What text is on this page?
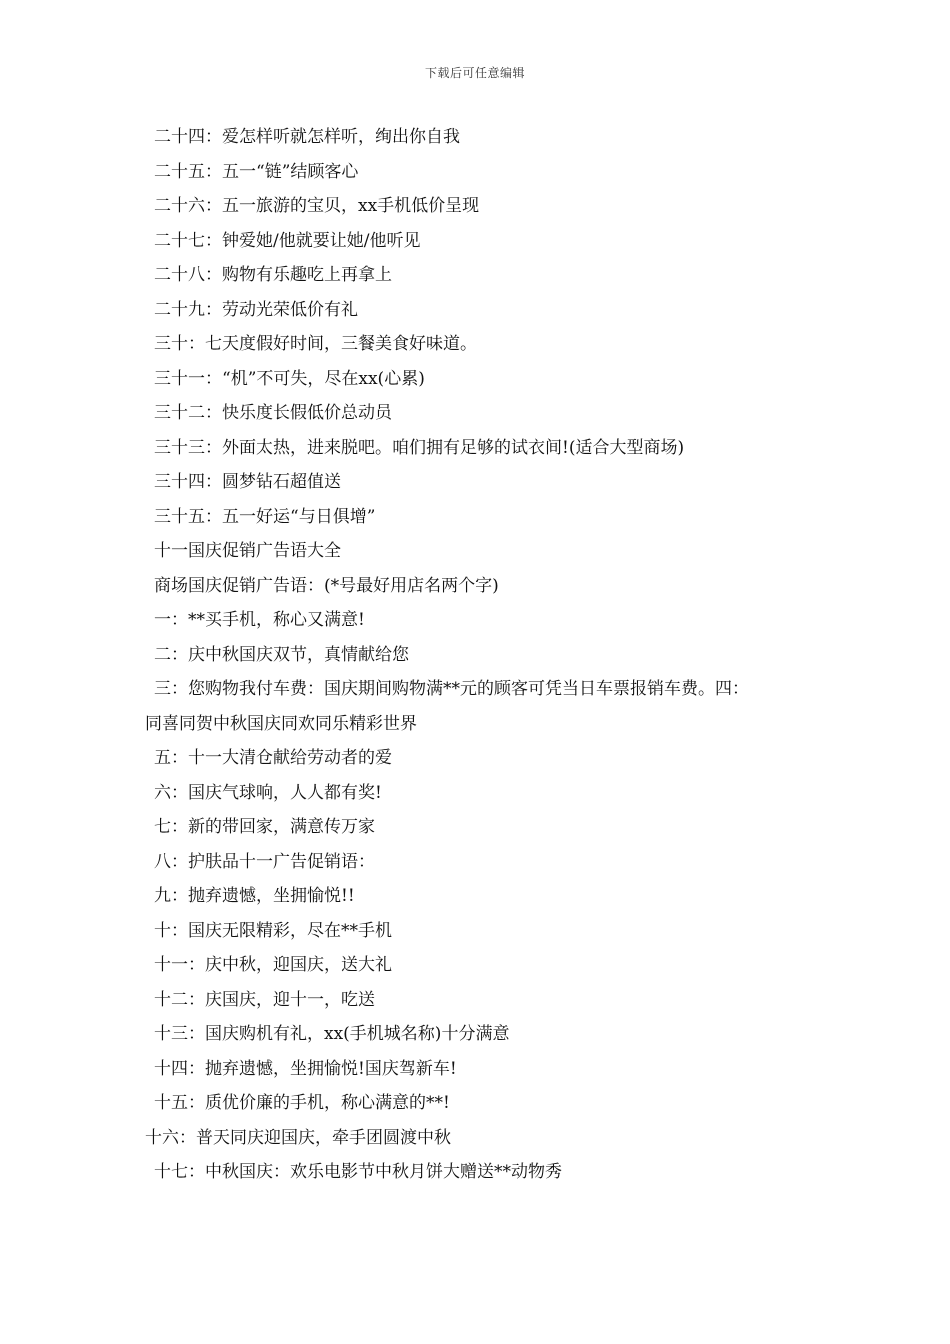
下载后可任意编辑
二十四：爱怎样听就怎样听，绚出你自我
二十五：五一“链”结顾客心
二十六：五一旅游的宝贝，xx手机低价呈现
二十七：钟爱她/他就要让她/他听见
二十八：购物有乐趣吃上再拿上
二十九：劳动光荣低价有礼
三十：七天度假好时间，三餐美食好味道。
三十一：“机”不可失，尽在xx(心累)
三十二：快乐度长假低价总动员
三十三：外面太热，进来脱吧。咱们拥有足够的试衣间!(适合大型商场)
三十四：圆梦钻石超值送
三十五：五一好运“与日俱增”
十一国庆促销广告语大全
商场国庆促销广告语：(*号最好用店名两个字)
一：**买手机，称心又满意!
二：庆中秋国庆双节，真情献给您
三：您购物我付车费：国庆期间购物满**元的顾客可凭当日车票报销车费。四：
同喜同贺中秋国庆同欢同乐精彩世界
五：十一大清仓献给劳动者的爱
六：国庆气球响，人人都有奖!
七：新的带回家，满意传万家
八：护肤品十一广告促销语：
九：抛弃遗憾，坐拥愉悦!!
十：国庆无限精彩，尽在**手机
十一：庆中秋，迎国庆，送大礼
十二：庆国庆，迎十一，吃送
十三：国庆购机有礼，xx(手机城名称)十分满意
十四：抛弃遗憾，坐拥愉悦!国庆驾新车!
十五：质优价廉的手机，称心满意的**!
十六：普天同庆迎国庆，牵手团圆渡中秋
十七：中秋国庆：欢乐电影节中秋月饼大赠送**动物秀
